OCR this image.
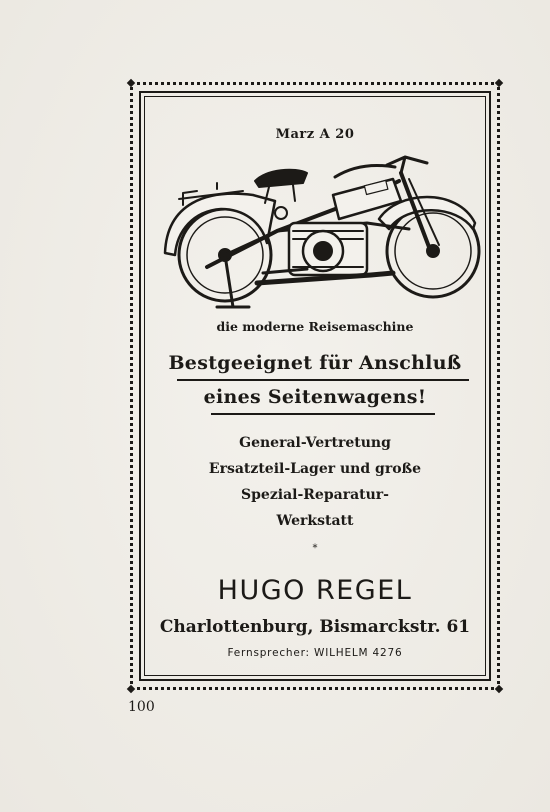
Marz A 20
die moderne Reisemaschine
Bestgeeignet für Anschluß
eines Seitenwagens!
General-Vertretung
Ersatzteil-Lager und große
Spezial-Reparatur-
Werkstatt
*
HUGO REGEL
Charlottenburg, Bismarckstr. 61
Fernsprecher: WILHELM 4276
100
